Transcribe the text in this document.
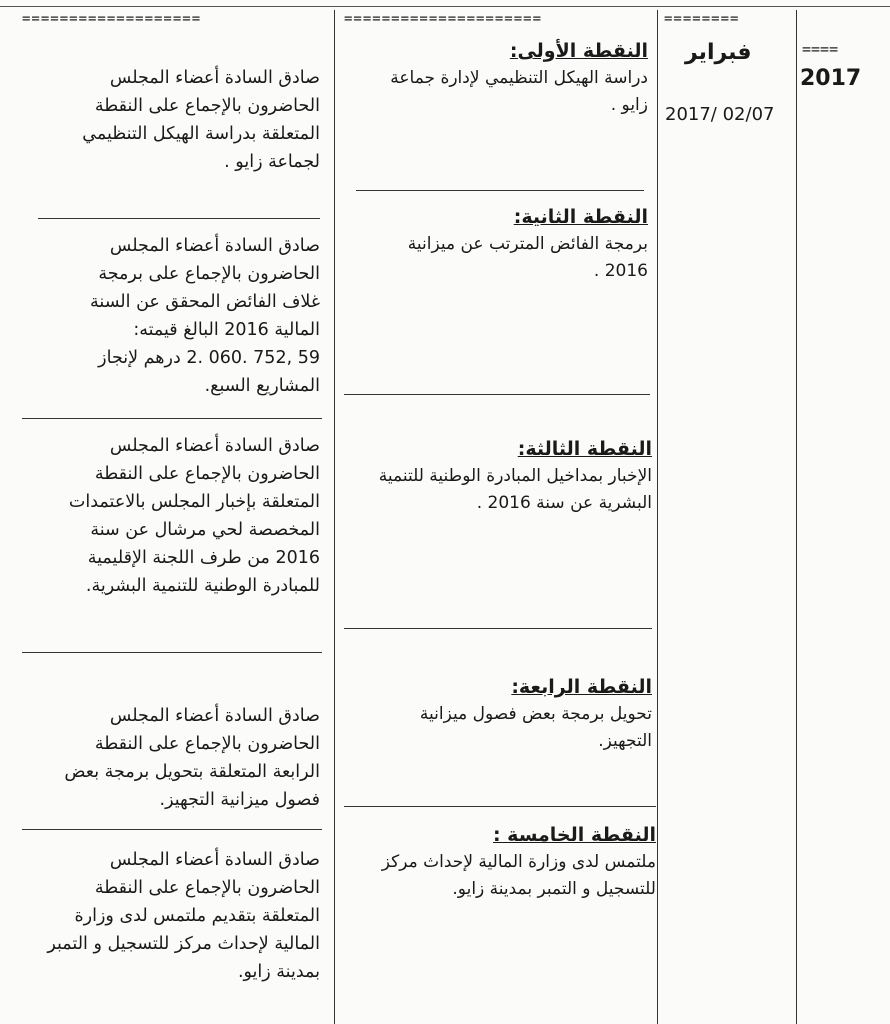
===================	=====================	========
====
2017
فبراير
2017/ 02/07
النقطة الأولى:
دراسة الهيكل التنظيمي لإدارة جماعة
زايو .
النقطة الثانية:
برمجة الفائض المترتب عن ميزانية
2016 .
النقطة الثالثة:
الإخبار بمداخيل المبادرة الوطنية للتنمية
البشرية عن سنة 2016 .
النقطة الرابعة:
تحويل برمجة بعض فصول ميزانية
التجهيز.
النقطة الخامسة :
ملتمس لدى وزارة المالية لإحداث مركز
للتسجيل و التمبر بمدينة زايو.
صادق السادة أعضاء المجلس
الحاضرون بالإجماع على النقطة
المتعلقة بدراسة الهيكل التنظيمي
لجماعة زايو .
صادق السادة أعضاء المجلس
الحاضرون بالإجماع على برمجة
غلاف الفائض المحقق عن السنة
المالية 2016 البالغ قيمته:
59 ,752 .060 .2 درهم لإنجاز
المشاريع السبع.
صادق السادة أعضاء المجلس
الحاضرون بالإجماع على النقطة
المتعلقة بإخبار المجلس بالاعتمدات
المخصصة لحي مرشال عن سنة
2016 من طرف اللجنة الإقليمية
للمبادرة الوطنية للتنمية البشرية.
صادق السادة أعضاء المجلس
الحاضرون بالإجماع على النقطة
الرابعة المتعلقة بتحويل برمجة بعض
فصول ميزانية التجهيز.
صادق السادة أعضاء المجلس
الحاضرون بالإجماع على النقطة
المتعلقة بتقديم ملتمس لدى وزارة
المالية لإحداث مركز للتسجيل و التمبر
بمدينة زايو.
